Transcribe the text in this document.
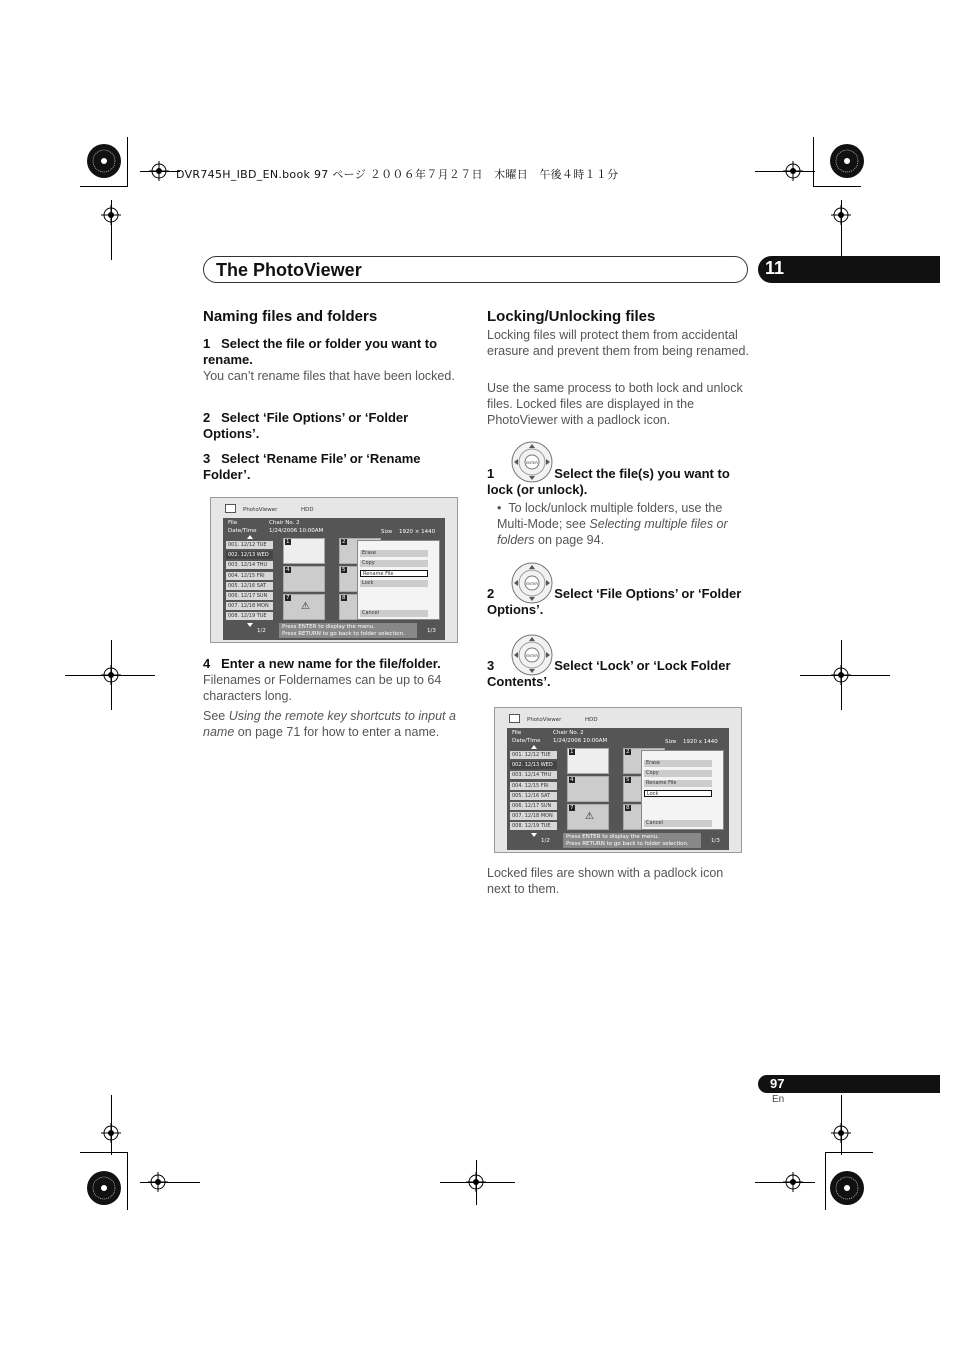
DVR745H_IBD_EN.book 97 ページ ２００６年７月２７日　木曜日　午後４時１１分
The PhotoViewer	11
Naming files and folders
1 Select the file or folder you want to rename.

You can’t rename files that have been locked.

2 Select ‘File Options’ or ‘Folder Options’.
3 Select ‘Rename File’ or ‘Rename Folder’.
PhotoViewer	HDD
File	Chair No. 2
Date/Time 1/24/2006 10:00AM	Size 1920 × 1440
001. 12/12 TUE
002. 12/13 WED
003. 12/14 THU
004. 12/15 FRI
005. 12/16 SAT
006. 12/17 SUN
007. 12/18 MON
008. 12/19 TUE
1/2
1	2
4	5
7	8
⚠
Erase
Copy
Rename File
Lock
Cancel
Press ENTER to display the menu.
Press RETURN to go back to folder selection.	1/3
4 Enter a new name for the file/folder.

Filenames or Foldernames can be up to 64 characters long.

See Using the remote key shortcuts to input a name on page 71 for how to enter a name.

Locking/Unlocking files

Locking files will protect them from accidental erasure and prevent them from being renamed.

Use the same process to both lock and unlock files. Locked files are displayed in the PhotoViewer with a padlock icon.

ENTER
1	Select the file(s) you want to lock (or unlock).

•  To lock/unlock multiple folders, use the Multi-Mode; see Selecting multiple files or folders on page 94.

ENTER
2	Select ‘File Options’ or ‘Folder Options’.
ENTER
3	Select ‘Lock’ or ‘Lock Folder Contents’.
PhotoViewer	HDD
File	Chair No. 2
Date/Time 1/24/2006 10:00AM	Size 1920 x 1440
001. 12/12 TUE
002. 12/13 WED
003. 12/14 THU
004. 12/15 FRI
005. 12/16 SAT
006. 12/17 SUN
007. 12/18 MON
008. 12/19 TUE
1/2
1	2
4	5
7	8
⚠
Erase
Copy
Rename File
Lock
Cancel
Press ENTER to display the menu.
Press RETURN to go back to folder selection.	1/3

Locked files are shown with a padlock icon next to them.

97
En
